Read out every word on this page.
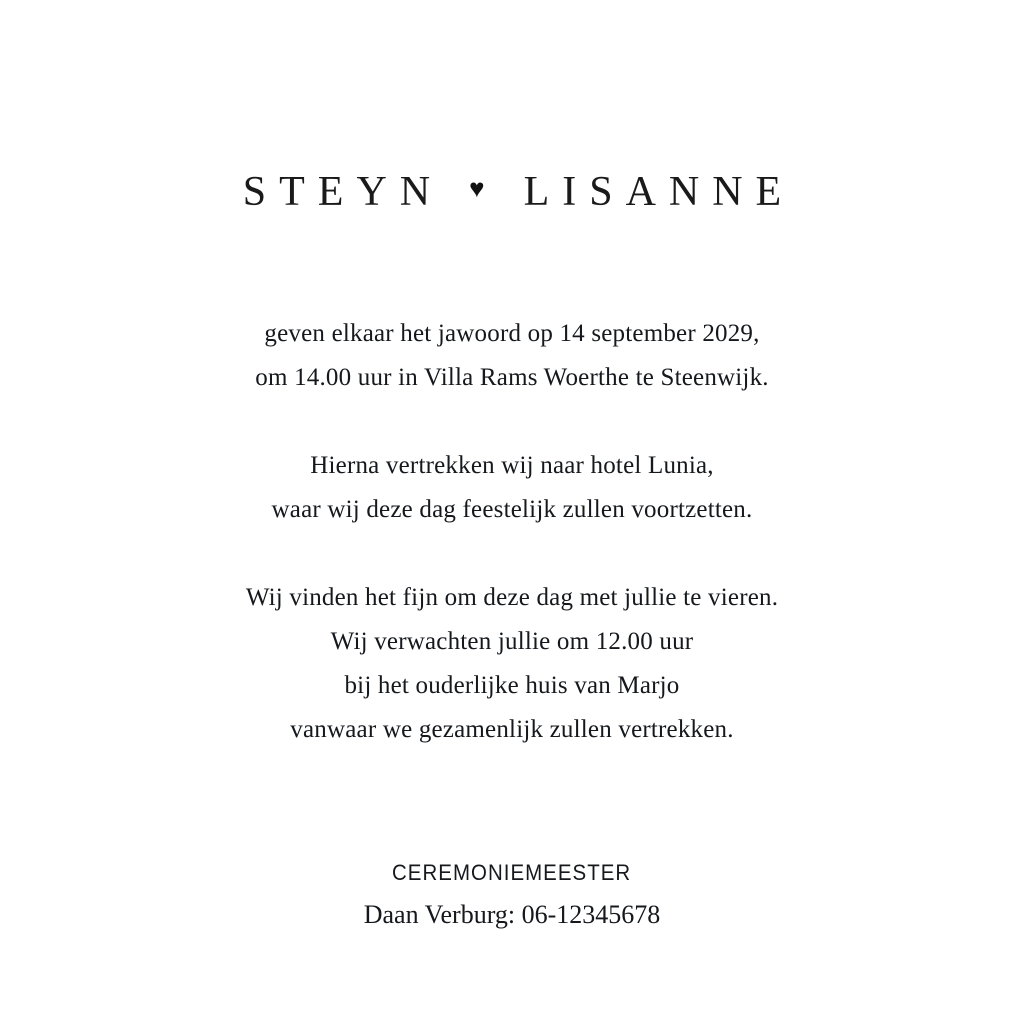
STEYN ♥ LISANNE
geven elkaar het jawoord op 14 september 2029,
om 14.00 uur in Villa Rams Woerthe te Steenwijk.
Hierna vertrekken wij naar hotel Lunia,
waar wij deze dag feestelijk zullen voortzetten.
Wij vinden het fijn om deze dag met jullie te vieren.
Wij verwachten jullie om 12.00 uur
bij het ouderlijke huis van Marjo
vanwaar we gezamenlijk zullen vertrekken.
CEREMONIEMEESTER
Daan Verburg: 06-12345678
